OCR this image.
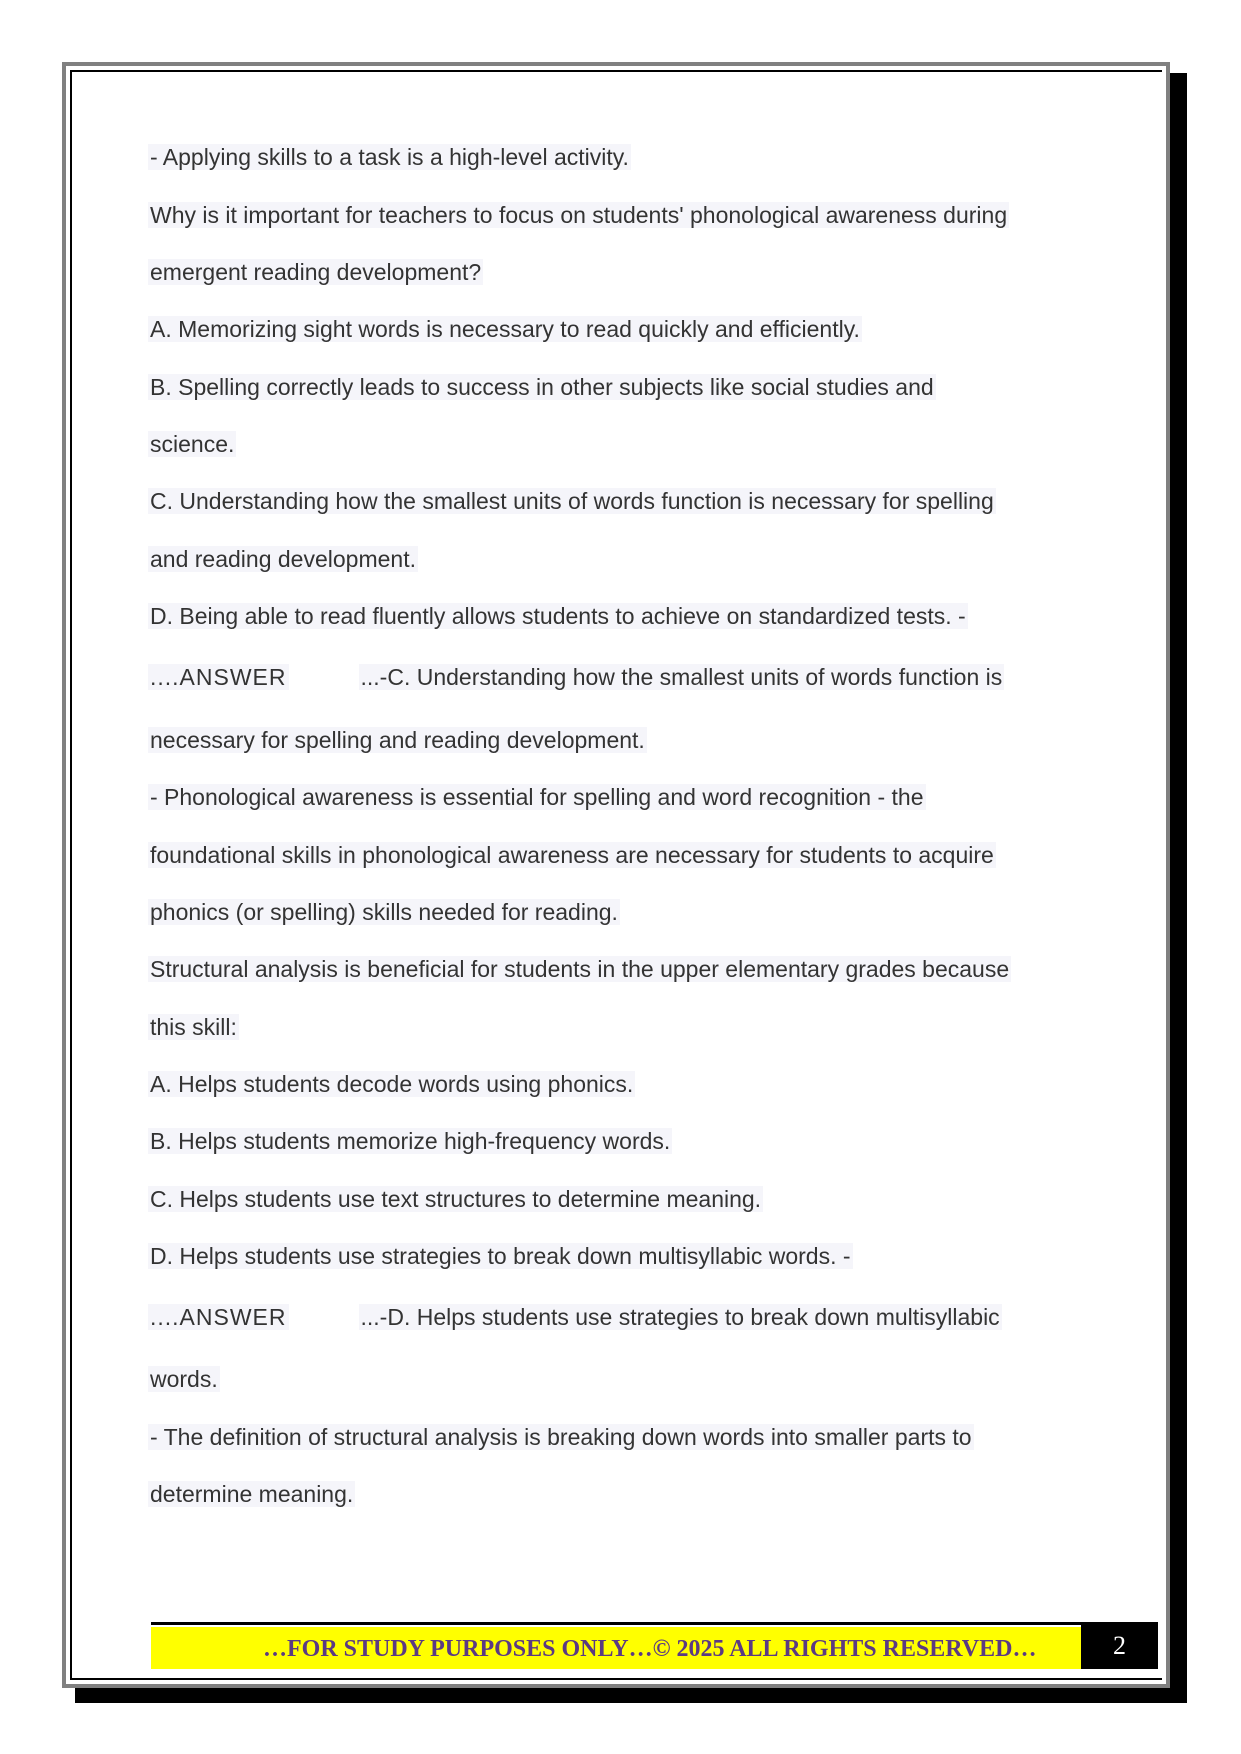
- Applying skills to a task is a high-level activity.
Why is it important for teachers to focus on students' phonological awareness during
emergent reading development?
A. Memorizing sight words is necessary to read quickly and efficiently.
B. Spelling correctly leads to success in other subjects like social studies and
science.
C. Understanding how the smallest units of words function is necessary for spelling
and reading development.
D. Being able to read fluently allows students to achieve on standardized tests. -
....ANSWER	...-C. Understanding how the smallest units of words function is
necessary for spelling and reading development.
- Phonological awareness is essential for spelling and word recognition - the
foundational skills in phonological awareness are necessary for students to acquire
phonics (or spelling) skills needed for reading.
Structural analysis is beneficial for students in the upper elementary grades because
this skill:
A. Helps students decode words using phonics.
B. Helps students memorize high-frequency words.
C. Helps students use text structures to determine meaning.
D. Helps students use strategies to break down multisyllabic words. -
....ANSWER	...-D. Helps students use strategies to break down multisyllabic
words.
- The definition of structural analysis is breaking down words into smaller parts to
determine meaning.
…FOR STUDY PURPOSES ONLY…© 2025 ALL RIGHTS RESERVED…	2
